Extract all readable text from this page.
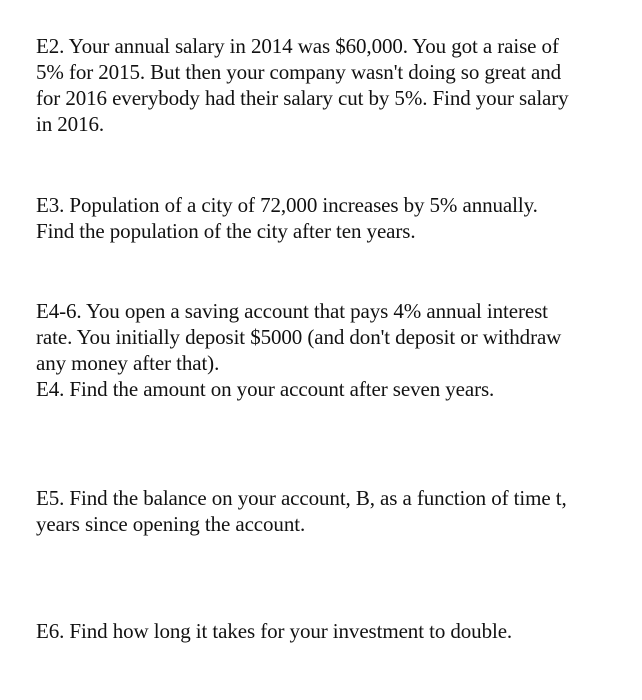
E2. Your annual salary in 2014 was $60,000. You got a raise of

5% for 2015. But then your company wasn't doing so great and

for 2016 everybody had their salary cut by 5%. Find your salary

in 2016.

E3. Population of a city of 72,000 increases by 5% annually.

Find the population of the city after ten years.

E4-6. You open a saving account that pays 4% annual interest

rate. You initially deposit $5000 (and don't deposit or withdraw

any money after that).

E4. Find the amount on your account after seven years.

E5. Find the balance on your account, B, as a function of time t,

years since opening the account.

E6. Find how long it takes for your investment to double.
